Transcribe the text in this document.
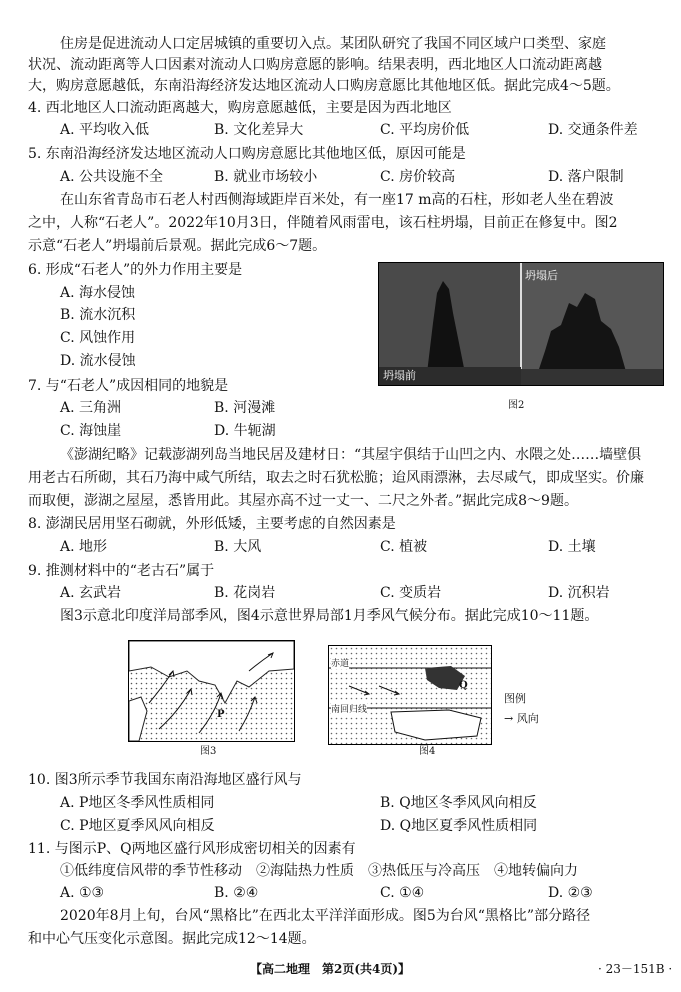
住房是促进流动人口定居城镇的重要切入点。某团队研究了我国不同区域户口类型、家庭
状况、流动距离等人口因素对流动人口购房意愿的影响。结果表明，西北地区人口流动距离越
大，购房意愿越低，东南沿海经济发达地区流动人口购房意愿比其他地区低。据此完成4～5题。
4. 西北地区人口流动距离越大，购房意愿越低，主要是因为西北地区
A. 平均收入低	B. 文化差异大	C. 平均房价低	D. 交通条件差
5. 东南沿海经济发达地区流动人口购房意愿比其他地区低，原因可能是
A. 公共设施不全	B. 就业市场较小	C. 房价较高	D. 落户限制
在山东省青岛市石老人村西侧海域距岸百米处，有一座17 m高的石柱，形如老人坐在碧波
之中，人称“石老人”。2022年10月3日，伴随着风雨雷电，该石柱坍塌，目前正在修复中。图2
示意“石老人”坍塌前后景观。据此完成6～7题。
6. 形成“石老人”的外力作用主要是
A. 海水侵蚀
B. 流水沉积
C. 风蚀作用
D. 流水侵蚀
坍塌后
坍塌前
图2
7. 与“石老人”成因相同的地貌是
A. 三角洲	B. 河漫滩
C. 海蚀崖	D. 牛轭湖
《澎湖纪略》记载澎湖列岛当地民居及建材日：“其屋宇俱结于山凹之内、水隈之处……墙壁俱
用老古石所砌，其石乃海中咸气所结，取去之时石犹松脆；迨风雨漂淋，去尽咸气，即成坚实。价廉
而取便，澎湖之屋屋，悉皆用此。其屋亦高不过一丈一、二尺之外者。”据此完成8～9题。
8. 澎湖民居用坚石砌就，外形低矮，主要考虑的自然因素是
A. 地形	B. 大风	C. 植被	D. 土壤
9. 推测材料中的“老古石”属于
A. 玄武岩	B. 花岗岩	C. 变质岩	D. 沉积岩
图3示意北印度洋局部季风，图4示意世界局部1月季风气候分布。据此完成10～11题。
P
图3
赤道
南回归线
Q
图例
→ 风向
图4
10. 图3所示季节我国东南沿海地区盛行风与
A. P地区冬季风性质相同	B. Q地区冬季风风向相反
C. P地区夏季风风向相反	D. Q地区夏季风性质相同
11. 与图示P、Q两地区盛行风形成密切相关的因素有
①低纬度信风带的季节性移动　②海陆热力性质　③热低压与冷高压　④地转偏向力
A. ①③	B. ②④	C. ①④	D. ②③
2020年8月上旬，台风“黑格比”在西北太平洋洋面形成。图5为台风“黑格比”部分路径
和中心气压变化示意图。据此完成12～14题。
【高二地理　第2页(共4页)】	· 23－151B ·
